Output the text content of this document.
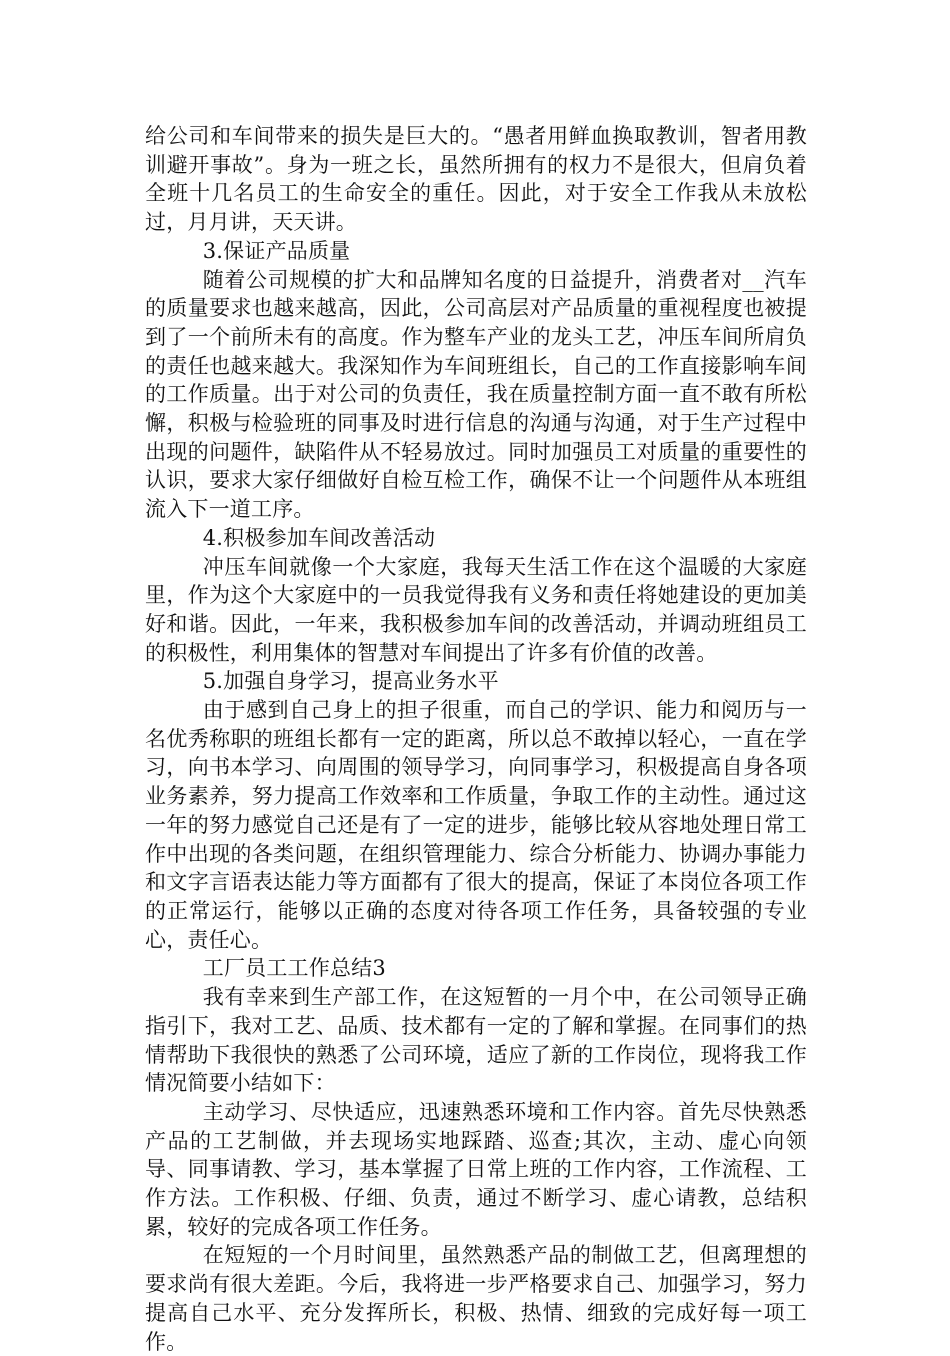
给公司和车间带来的损失是巨大的。“愚者用鲜血换取教训，智者用教训避开事故”。身为一班之长，虽然所拥有的权力不是很大，但肩负着全班十几名员工的生命安全的重任。因此，对于安全工作我从未放松过，月月讲，天天讲。

3.保证产品质量

随着公司规模的扩大和品牌知名度的日益提升，消费者对__汽车的质量要求也越来越高，因此，公司高层对产品质量的重视程度也被提到了一个前所未有的高度。作为整车产业的龙头工艺，冲压车间所肩负的责任也越来越大。我深知作为车间班组长，自己的工作直接影响车间的工作质量。出于对公司的负责任，我在质量控制方面一直不敢有所松懈，积极与检验班的同事及时进行信息的沟通与沟通，对于生产过程中出现的问题件，缺陷件从不轻易放过。同时加强员工对质量的重要性的认识，要求大家仔细做好自检互检工作，确保不让一个问题件从本班组流入下一道工序。

4.积极参加车间改善活动

冲压车间就像一个大家庭，我每天生活工作在这个温暖的大家庭里，作为这个大家庭中的一员我觉得我有义务和责任将她建设的更加美好和谐。因此，一年来，我积极参加车间的改善活动，并调动班组员工的积极性，利用集体的智慧对车间提出了许多有价值的改善。

5.加强自身学习，提高业务水平

由于感到自己身上的担子很重，而自己的学识、能力和阅历与一名优秀称职的班组长都有一定的距离，所以总不敢掉以轻心，一直在学习，向书本学习、向周围的领导学习，向同事学习，积极提高自身各项业务素养，努力提高工作效率和工作质量，争取工作的主动性。通过这一年的努力感觉自己还是有了一定的进步，能够比较从容地处理日常工作中出现的各类问题，在组织管理能力、综合分析能力、协调办事能力和文字言语表达能力等方面都有了很大的提高，保证了本岗位各项工作的正常运行，能够以正确的态度对待各项工作任务，具备较强的专业心，责任心。

工厂员工工作总结3

我有幸来到生产部工作，在这短暂的一月个中，在公司领导正确指引下，我对工艺、品质、技术都有一定的了解和掌握。在同事们的热情帮助下我很快的熟悉了公司环境，适应了新的工作岗位，现将我工作情况简要小结如下：

主动学习、尽快适应，迅速熟悉环境和工作内容。首先尽快熟悉产品的工艺制做，并去现场实地踩踏、巡查;其次，主动、虚心向领导、同事请教、学习，基本掌握了日常上班的工作内容，工作流程、工作方法。工作积极、仔细、负责，通过不断学习、虚心请教，总结积累，较好的完成各项工作任务。

在短短的一个月时间里，虽然熟悉产品的制做工艺，但离理想的要求尚有很大差距。今后，我将进一步严格要求自己、加强学习，努力提高自己水平、充分发挥所长，积极、热情、细致的完成好每一项工作。
